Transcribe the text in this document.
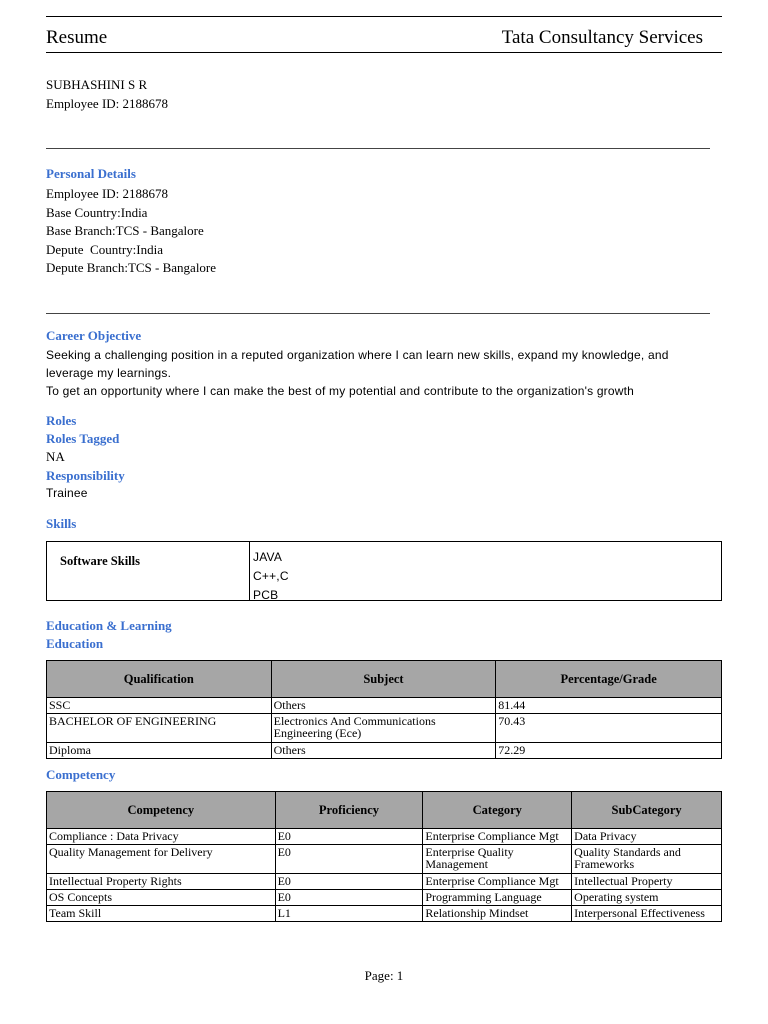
Resume	Tata Consultancy Services
SUBHASHINI S R
Employee ID: 2188678
Personal Details
Employee ID: 2188678
Base Country:India
Base Branch:TCS - Bangalore
Depute  Country:India
Depute Branch:TCS - Bangalore
Career Objective
Seeking a challenging position in a reputed organization where I can learn new skills, expand my knowledge, and
leverage my learnings.
To get an opportunity where I can make the best of my potential and contribute to the organization's growth
Roles
Roles Tagged
NA
Responsibility
Trainee
Skills
Software Skills	JAVA
C++,C
PCB
Education & Learning
Education
Qualification	Subject	Percentage/Grade
SSC	Others	81.44
BACHELOR OF ENGINEERING	Electronics And Communications Engineering (Ece)	70.43
Diploma	Others	72.29
Competency
Competency	Proficiency	Category	SubCategory
Compliance : Data Privacy	E0	Enterprise Compliance Mgt	Data Privacy
Quality Management for Delivery	E0	Enterprise Quality Management	Quality Standards and Frameworks
Intellectual Property Rights	E0	Enterprise Compliance Mgt	Intellectual Property
OS Concepts	E0	Programming Language	Operating system
Team Skill	L1	Relationship Mindset	Interpersonal Effectiveness
Page: 1
